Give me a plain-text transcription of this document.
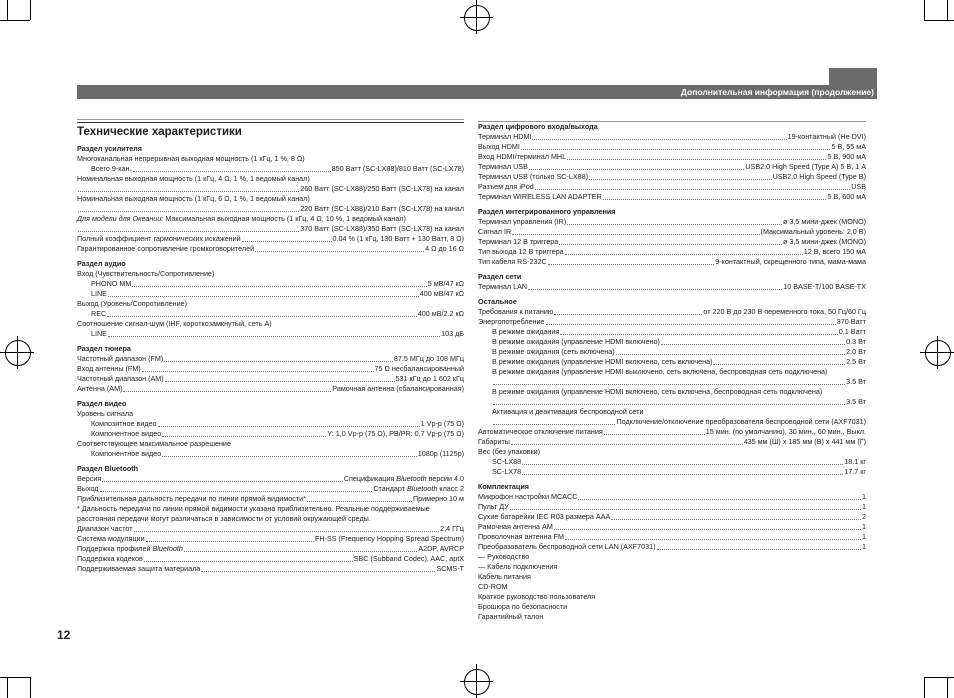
Дополнительная информация (продолжение)
Технические характеристики
Раздел усилителя
Многоканальная непрерывная выходная мощность (1 кГц, 1 %, 8 Ω)
Всего 9-кан.	850 Ватт (SC-LX88)/810 Ватт (SC-LX78)
Номинальная выходная мощность (1 кГц, 4 Ω, 1 %, 1 ведомый канал)
260 Ватт (SC-LX88)/250 Ватт (SC-LX78) на канал
Номинальная выходная мощность (1 кГц, 6 Ω, 1 %, 1 ведомый канал)
220 Ватт (SC-LX88)/210 Ватт (SC-LX78) на канал
Для модели для Океании: Максимальная выходная мощность (1 кГц, 4 Ω, 10 %, 1 ведомый канал)
370 Ватт (SC-LX88)/350 Ватт (SC-LX78) на канал
Полный коэффициент гармонических искажений	0.04 % (1 кГц, 130 Ватт + 130 Ватт, 8 Ω)
Гарантированное сопротивление громкоговорителей	4 Ω до 16 Ω
Раздел аудио
Вход (Чувствительность/Сопротивление)
PHONO MM	5 мВ/47 кΩ
LINE	400 мВ/47 кΩ
Выход (Уровень/Сопротивление)
REC	400 мВ/2.2 кΩ
Соотношение сигнал-шум (IHF, короткозамкнутый, сеть A)
LINE	103 дБ
Раздел тюнера
Частотный диапазон (FM)	87.5 МГц до 108 МГц
Вход антенны (FM)	75 Ω несбалансированный
Частотный диапазон (AM)	531 кГц до 1 602 кГц
Антенна (AM)	Рамочная антенна (сбалансированная)
Раздел видео
Уровень сигнала
Композитное видео	1 Vp-p (75 Ω)
Компонентное видео	Y: 1,0 Vp-p (75 Ω), PB/PR: 0,7 Vp-p (75 Ω)
Соответствующее максимальное разрешение
Компонентное видео	1080p (1125p)
Раздел Bluetooth
Версия	Спецификация Bluetooth версии 4.0
Выход	Стандарт Bluetooth класс 2
Приблизительная дальность передачи по линии прямой видимости*	Примерно 10 м
* Дальность передачи по линии прямой видимости указана приблизительно. Реальные поддерживаемые расстояния передачи могут различаться в зависимости от условий окружающей среды.
Диапазон частот	2,4 ГГц
Система модуляции	FH-SS (Frequency Hopping Spread Spectrum)
Поддержка профилей Bluetooth	A2DP, AVRCP
Поддержка кодеков	SBC (Subband Codec), AAC, aptX
Поддерживаемая защита материала	SCMS-T
Раздел цифрового входа/выхода
Терминал HDMI	19-контактный (Не DVI)
Выход HDMI	5 В, 55 мА
Вход HDMI/терминал MHL	5 В, 900 мА
Терминал USB	USB2.0 High Speed (Type A) 5 В, 1 А
Терминал USB (только SC-LX88)	USB2.0 High Speed (Type B)
Разъем для iPod	USB
Терминал WIRELESS LAN ADAPTER	5 В, 600 мА
Раздел интегрированного управления
Терминал управления (IR)	ø 3,5 мини-джек (MONO)
Сигнал IR	(Максимальный уровень: 2,0 В)
Терминал 12 В триггера	ø 3,5 мини-джек (MONO)
Тип выхода 12 В триггера	12 В, всего 150 мА
Тип кабеля RS-232C	9-контактный, скрещенного типа, мама-мама
Раздел сети
Терминал LAN	10 BASE-T/100 BASE-TX
Остальное
Требования к питанию	от 220 В до 230 В переменного тока, 50 Гц/60 Гц
Энергопотребление	370 Ватт
В режиме ожидания	0.1 Ватт
В режиме ожидания (управление HDMI включено)	0.3 Вт
В режиме ожидания (сеть включена)	2.0 Вт
В режиме ожидания (управление HDMI включено, сеть включена)	2.5 Вт
В режиме ожидания (управление HDMI выключено, сеть включена, беспроводная сеть подключена)
3.5 Вт
В режиме ожидания (управление HDMI включено, сеть включена, беспроводная сеть подключена)
3.5 Вт
Активация и деактивация беспроводной сети
Подключение/отключение преобразователя беспроводной сети (AXF7031)
Автоматическое отключение питания	15 мин. (по умолчанию), 30 мин., 60 мин., Выкл.
Габариты	435 мм (Ш) x 185 мм (В) x 441 мм (Г)
Вес (без упаковки)
SC-LX88	18.1 кг
SC-LX78	17.7 кг
Комплектация
Микрофон настройки MCACC	1
Пульт ДУ	1
Сухие батарейки IEC R03 размера AAA	2
Рамочная антенна AM	1
Проволочная антенна FM	1
Преобразователь беспроводной сети LAN (AXF7031)	1
— Руководство
— Кабель подключения
Кабель питания
CD-ROM
Краткое руководство пользователя
Брошюра по безопасности
Гарантийный талон
12
